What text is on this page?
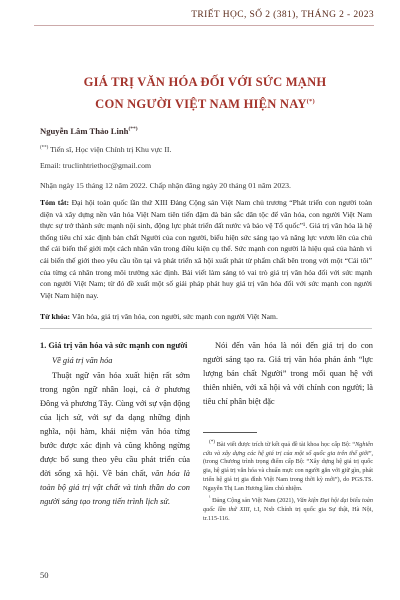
TRIẾT HỌC, SỐ 2 (381), THÁNG 2 - 2023
GIÁ TRỊ VĂN HÓA ĐỐI VỚI SỨC MẠNH
CON NGƯỜI VIỆT NAM HIỆN NAY(*)
Nguyễn Lâm Thảo Linh(**)
(**) Tiến sĩ, Học viện Chính trị Khu vực II.
Email: truclinhtriethoc@gmail.com
Nhận ngày 15 tháng 12 năm 2022. Chấp nhận đăng ngày 20 tháng 01 năm 2023.
Tóm tắt: Đại hội toàn quốc lần thứ XIII Đảng Cộng sản Việt Nam chủ trương “Phát triển con người toàn diện và xây dựng nền văn hóa Việt Nam tiên tiến đậm đà bản sắc dân tộc để văn hóa, con người Việt Nam thực sự trở thành sức mạnh nội sinh, động lực phát triển đất nước và bảo vệ Tổ quốc”¹. Giá trị văn hóa là hệ thống tiêu chí xác định bản chất Người của con người, biểu hiện sức sáng tạo và năng lực vươn lên của chủ thể cải biến thế giới một cách nhân văn trong điều kiện cụ thể. Sức mạnh con người là hiệu quả của hành vi cải biến thế giới theo yêu cầu tồn tại và phát triển xã hội xuất phát từ phẩm chất bên trong với một “Cái tôi” của từng cá nhân trong môi trường xác định. Bài viết làm sáng tỏ vai trò giá trị văn hóa đối với sức mạnh con người Việt Nam; từ đó đề xuất một số giải pháp phát huy giá trị văn hóa đối với sức mạnh con người Việt Nam hiện nay.
Từ khóa: Văn hóa, giá trị văn hóa, con người, sức mạnh con người Việt Nam.
1. Giá trị văn hóa và sức mạnh con người
Về giá trị văn hóa

Thuật ngữ văn hóa xuất hiện rất sớm trong ngôn ngữ nhân loại, cả ở phương Đông và phương Tây. Cùng với sự vận động của lịch sử, với sự đa dạng những định nghĩa, nội hàm, khái niệm văn hóa từng bước được xác định và cũng không ngừng được bổ sung theo yêu cầu phát triển của đời sống xã hội. Về bản chất, văn hóa là toàn bộ giá trị vật chất và tinh thần do con người sáng tạo trong tiến trình lịch sử.

Nói đến văn hóa là nói đến giá trị do con người sáng tạo ra. Giá trị văn hóa phản ánh “lực lượng bản chất Người” trong mối quan hệ với thiên nhiên, với xã hội và với chính con người; là tiêu chí phân biệt đặc

(*) Bài viết được trích từ kết quả đề tài khoa học cấp Bộ: “Nghiên cứu và xây dựng các hệ giá trị của một số quốc gia trên thế giới”, (trong Chương trình trọng điểm cấp Bộ: “Xây dựng hệ giá trị quốc gia, hệ giá trị văn hóa và chuẩn mực con người gắn với giữ gìn, phát triển hệ giá trị gia đình Việt Nam trong thời kỳ mới”), do PGS.TS. Nguyễn Thị Lan Hương làm chủ nhiệm.

$^{^1}$ Đảng Cộng sản Việt Nam (2021), Văn kiện Đại hội đại biểu toàn quốc lần thứ XIII, t.I, Nxb Chính trị quốc gia Sự thật, Hà Nội, tr.115-116.

50
